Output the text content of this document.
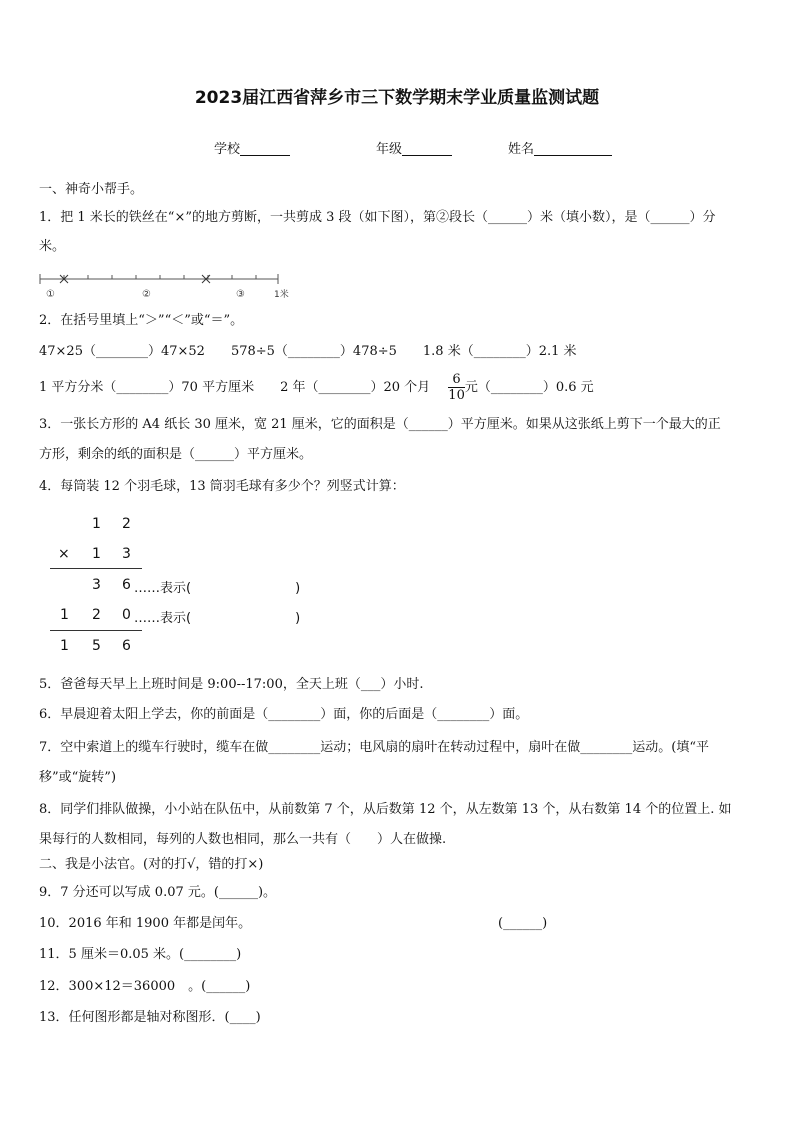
2023届江西省萍乡市三下数学期末学业质量监测试题
学校	年级	姓名
一、神奇小帮手。
1．把 1 米长的铁丝在“×”的地方剪断，一共剪成 3 段（如下图），第②段长（______）米（填小数），是（______）分
米。
①	②	③	1米
2．在括号里填上“＞”“＜”或“＝”。
47×25（________）47×52　　578÷5（________）478÷5　　1.8 米（________）2.1 米
1 平方分米（________）70 平方厘米　　2 年（________）20 个月 $\frac{6}{10}$ 元（________）0.6 元
3．一张长方形的 A4 纸长 30 厘米，宽 21 厘米，它的面积是（______）平方厘米。如果从这张纸上剪下一个最大的正
方形，剩余的纸的面积是（______）平方厘米。
4．每筒装 12 个羽毛球，13 筒羽毛球有多少个？列竖式计算：
1 2
× 1 3
3 6 ……表示(　　　　　　　　)
1 2 0 ……表示(　　　　　　　　)
1 5 6
5．爸爸每天早上上班时间是 9:00--17:00，全天上班（___）小时.
6．早晨迎着太阳上学去，你的前面是（________）面，你的后面是（________）面。
7．空中索道上的缆车行驶时，缆车在做________运动；电风扇的扇叶在转动过程中，扇叶在做________运动。(填“平
移”或“旋转”)
8．同学们排队做操，小小站在队伍中，从前数第 7 个，从后数第 12 个，从左数第 13 个，从右数第 14 个的位置上. 如
果每行的人数相同，每列的人数也相同，那么一共有（　　）人在做操.
二、我是小法官。(对的打√，错的打×)
9．7 分还可以写成 0.07 元。(______)。
10．2016 年和 1900 年都是闰年。	(______)
11．5 厘米＝0.05 米。(________)
12．300×12＝36000　。(______)
13．任何图形都是轴对称图形．(____)
